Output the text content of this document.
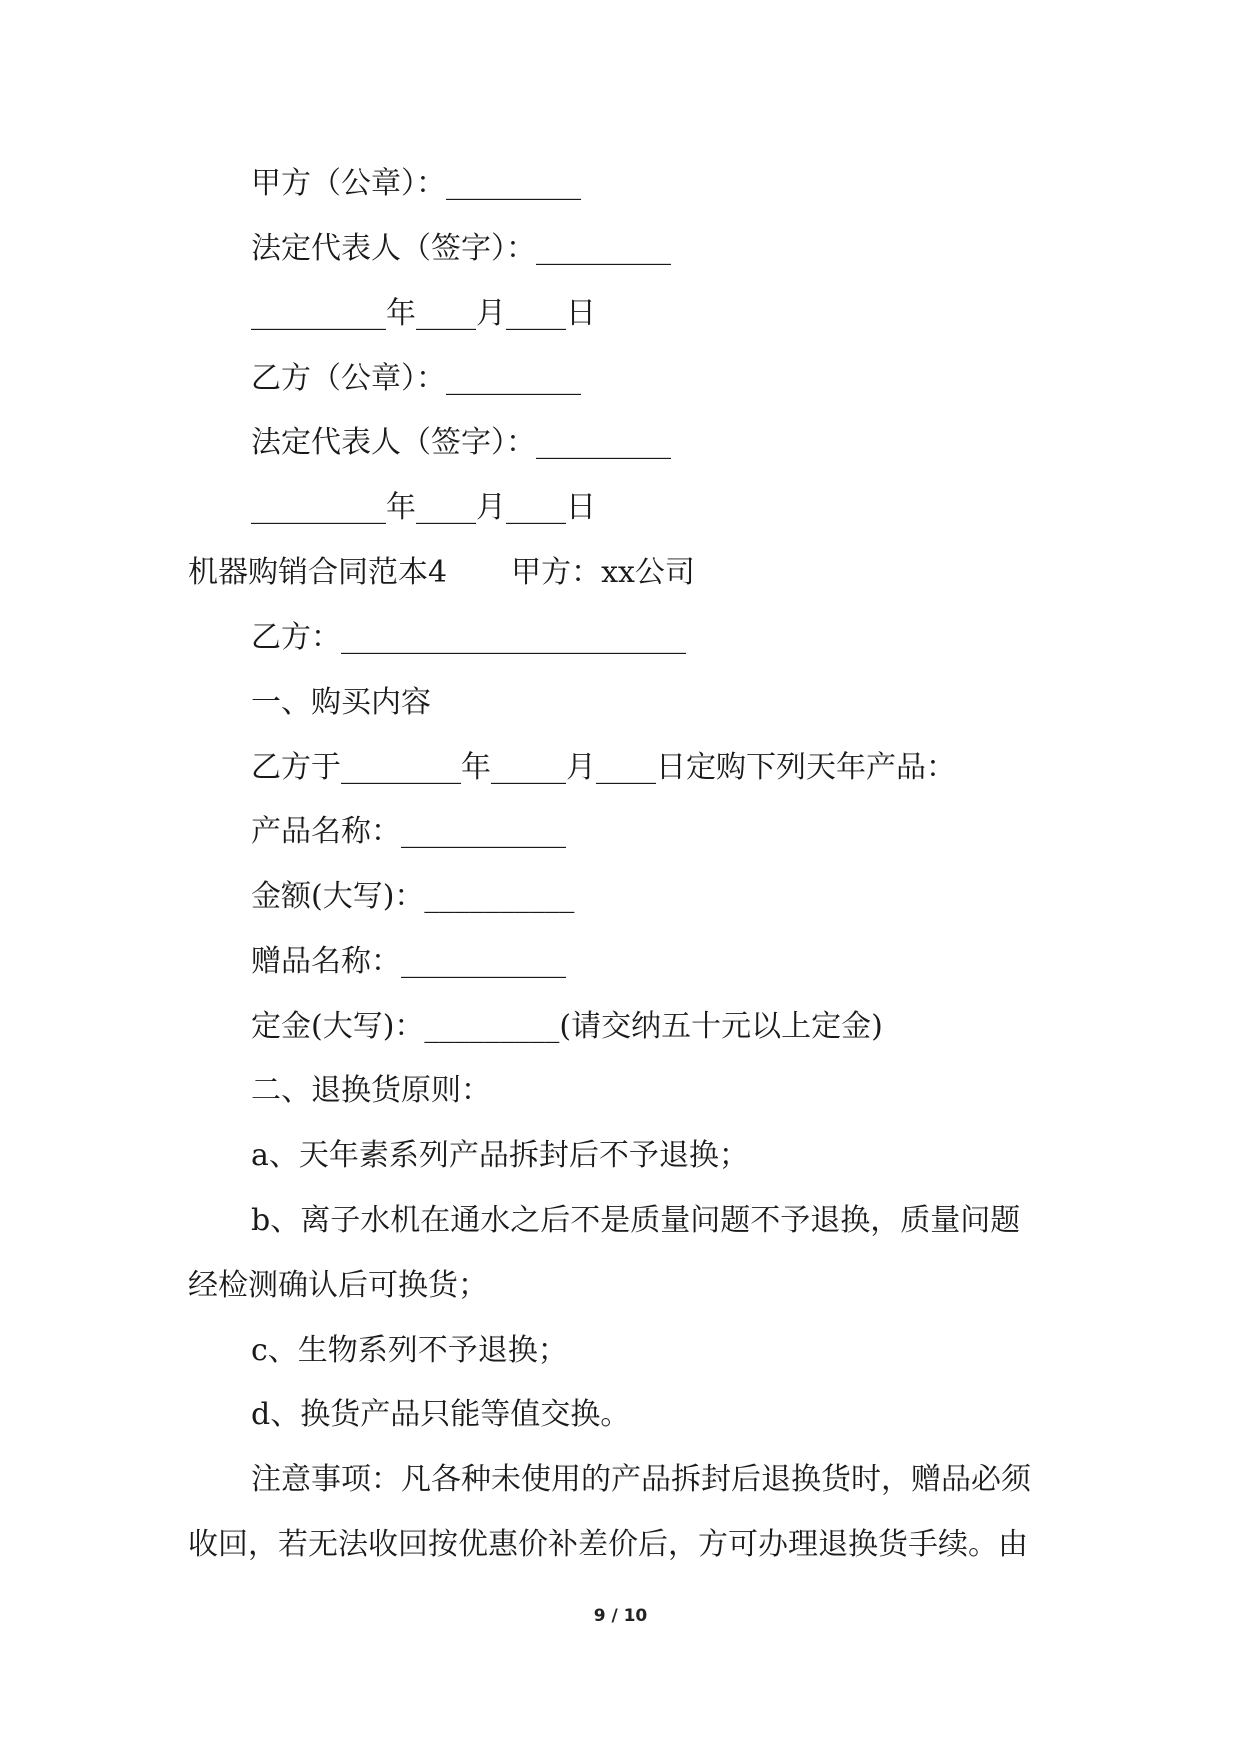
甲方（公章）：_________
法定代表人（签字）：_________
_________年____月____日
乙方（公章）：_________
法定代表人（签字）：_________
_________年____月____日
机器购销合同范本4 甲方：xx公司
乙方：_______________________
一、购买内容
乙方于________年_____月____日定购下列天年产品：
产品名称：___________
金额(大写)：__________
赠品名称：___________
定金(大写)：_________(请交纳五十元以上定金)
二、退换货原则：
a、天年素系列产品拆封后不予退换；
b、离子水机在通水之后不是质量问题不予退换，质量问题
经检测确认后可换货；
c、生物系列不予退换；
d、换货产品只能等值交换。
注意事项：凡各种未使用的产品拆封后退换货时，赠品必须
收回，若无法收回按优惠价补差价后，方可办理退换货手续。由
9 / 10
